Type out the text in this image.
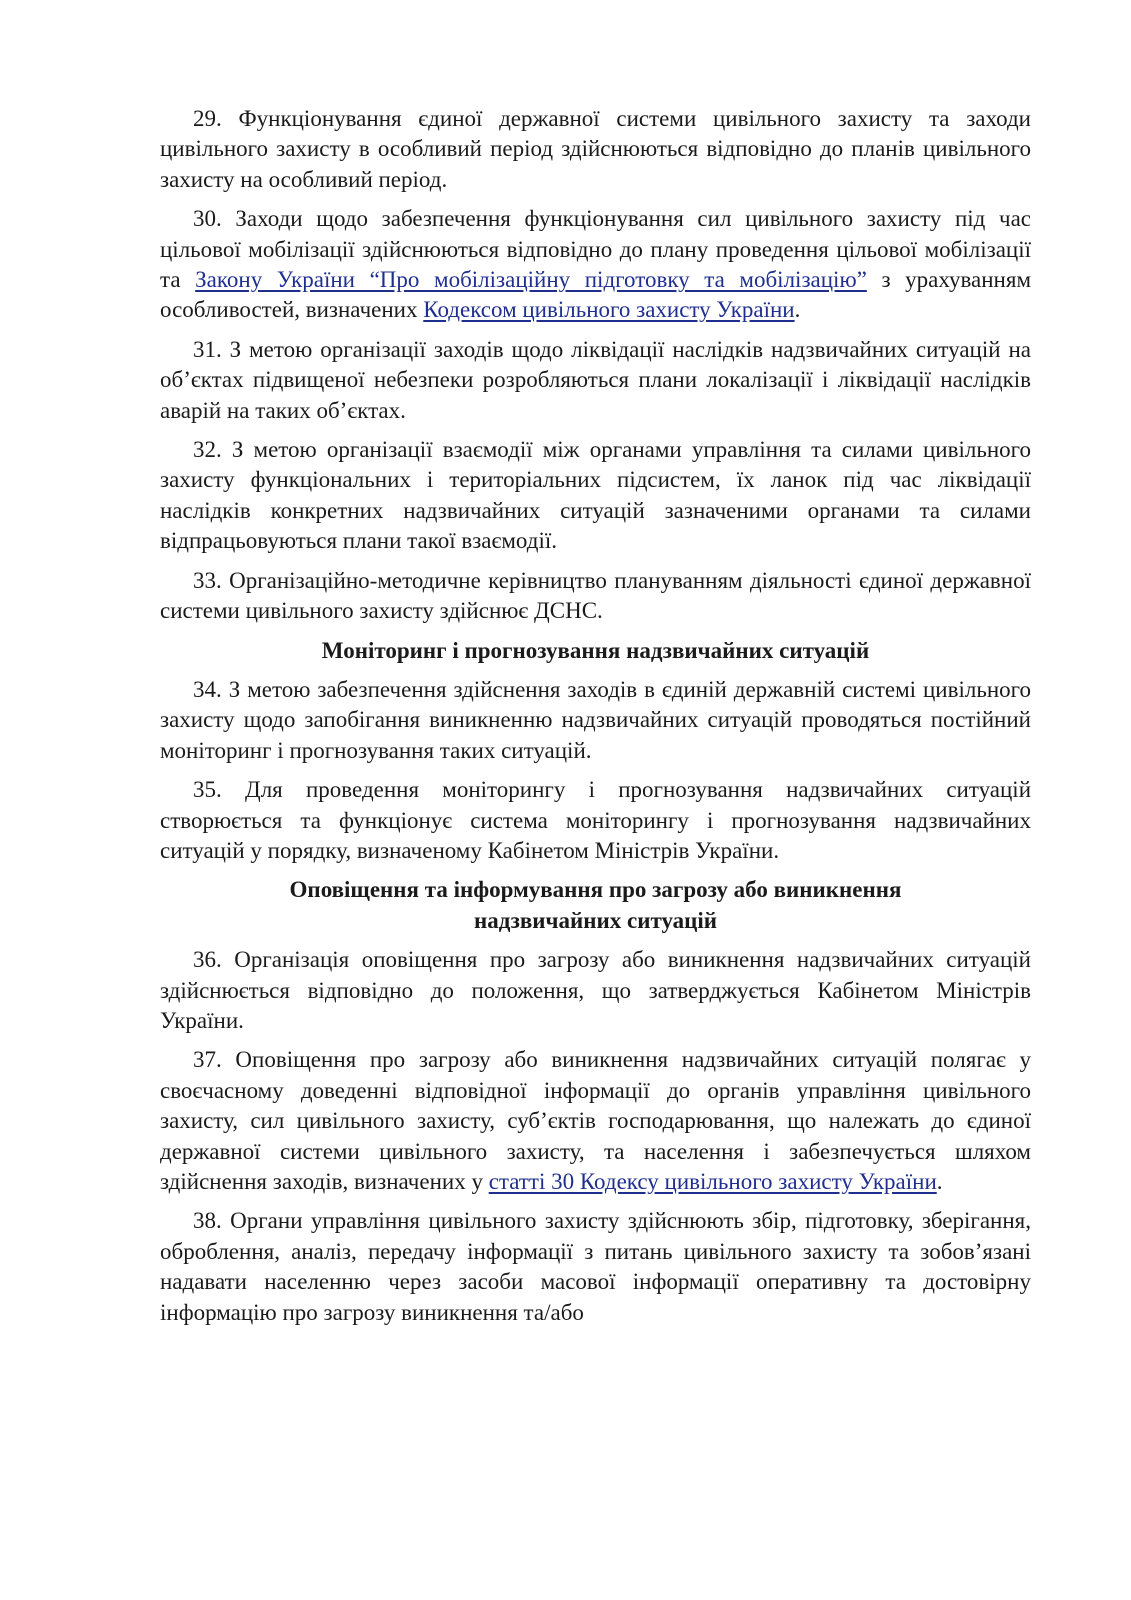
29. Функціонування єдиної державної системи цивільного захисту та заходи цивільного захисту в особливий період здійснюються відповідно до планів цивільного захисту на особливий період.

30. Заходи щодо забезпечення функціонування сил цивільного захисту під час цільової мобілізації здійснюються відповідно до плану проведення цільової мобілізації та Закону України “Про мобілізаційну підготовку та мобілізацію” з урахуванням особливостей, визначених Кодексом цивільного захисту України.

31. З метою організації заходів щодо ліквідації наслідків надзвичайних ситуацій на об’єктах підвищеної небезпеки розробляються плани локалізації і ліквідації наслідків аварій на таких об’єктах.

32. З метою організації взаємодії між органами управління та силами цивільного захисту функціональних і територіальних підсистем, їх ланок під час ліквідації наслідків конкретних надзвичайних ситуацій зазначеними органами та силами відпрацьовуються плани такої взаємодії.

33. Організаційно-методичне керівництво плануванням діяльності єдиної державної системи цивільного захисту здійснює ДСНС.

Моніторинг і прогнозування надзвичайних ситуацій

34. З метою забезпечення здійснення заходів в єдиній державній системі цивільного захисту щодо запобігання виникненню надзвичайних ситуацій проводяться постійний моніторинг і прогнозування таких ситуацій.

35. Для проведення моніторингу і прогнозування надзвичайних ситуацій створюється та функціонує система моніторингу і прогнозування надзвичайних ситуацій у порядку, визначеному Кабінетом Міністрів України.

Оповіщення та інформування про загрозу або виникнення надзвичайних ситуацій

36. Організація оповіщення про загрозу або виникнення надзвичайних ситуацій здійснюється відповідно до положення, що затверджується Кабінетом Міністрів України.

37. Оповіщення про загрозу або виникнення надзвичайних ситуацій полягає у своєчасному доведенні відповідної інформації до органів управління цивільного захисту, сил цивільного захисту, суб’єктів господарювання, що належать до єдиної державної системи цивільного захисту, та населення і забезпечується шляхом здійснення заходів, визначених у статті 30 Кодексу цивільного захисту України.

38. Органи управління цивільного захисту здійснюють збір, підготовку, зберігання, оброблення, аналіз, передачу інформації з питань цивільного захисту та зобов’язані надавати населенню через засоби масової інформації оперативну та достовірну інформацію про загрозу виникнення та/або
